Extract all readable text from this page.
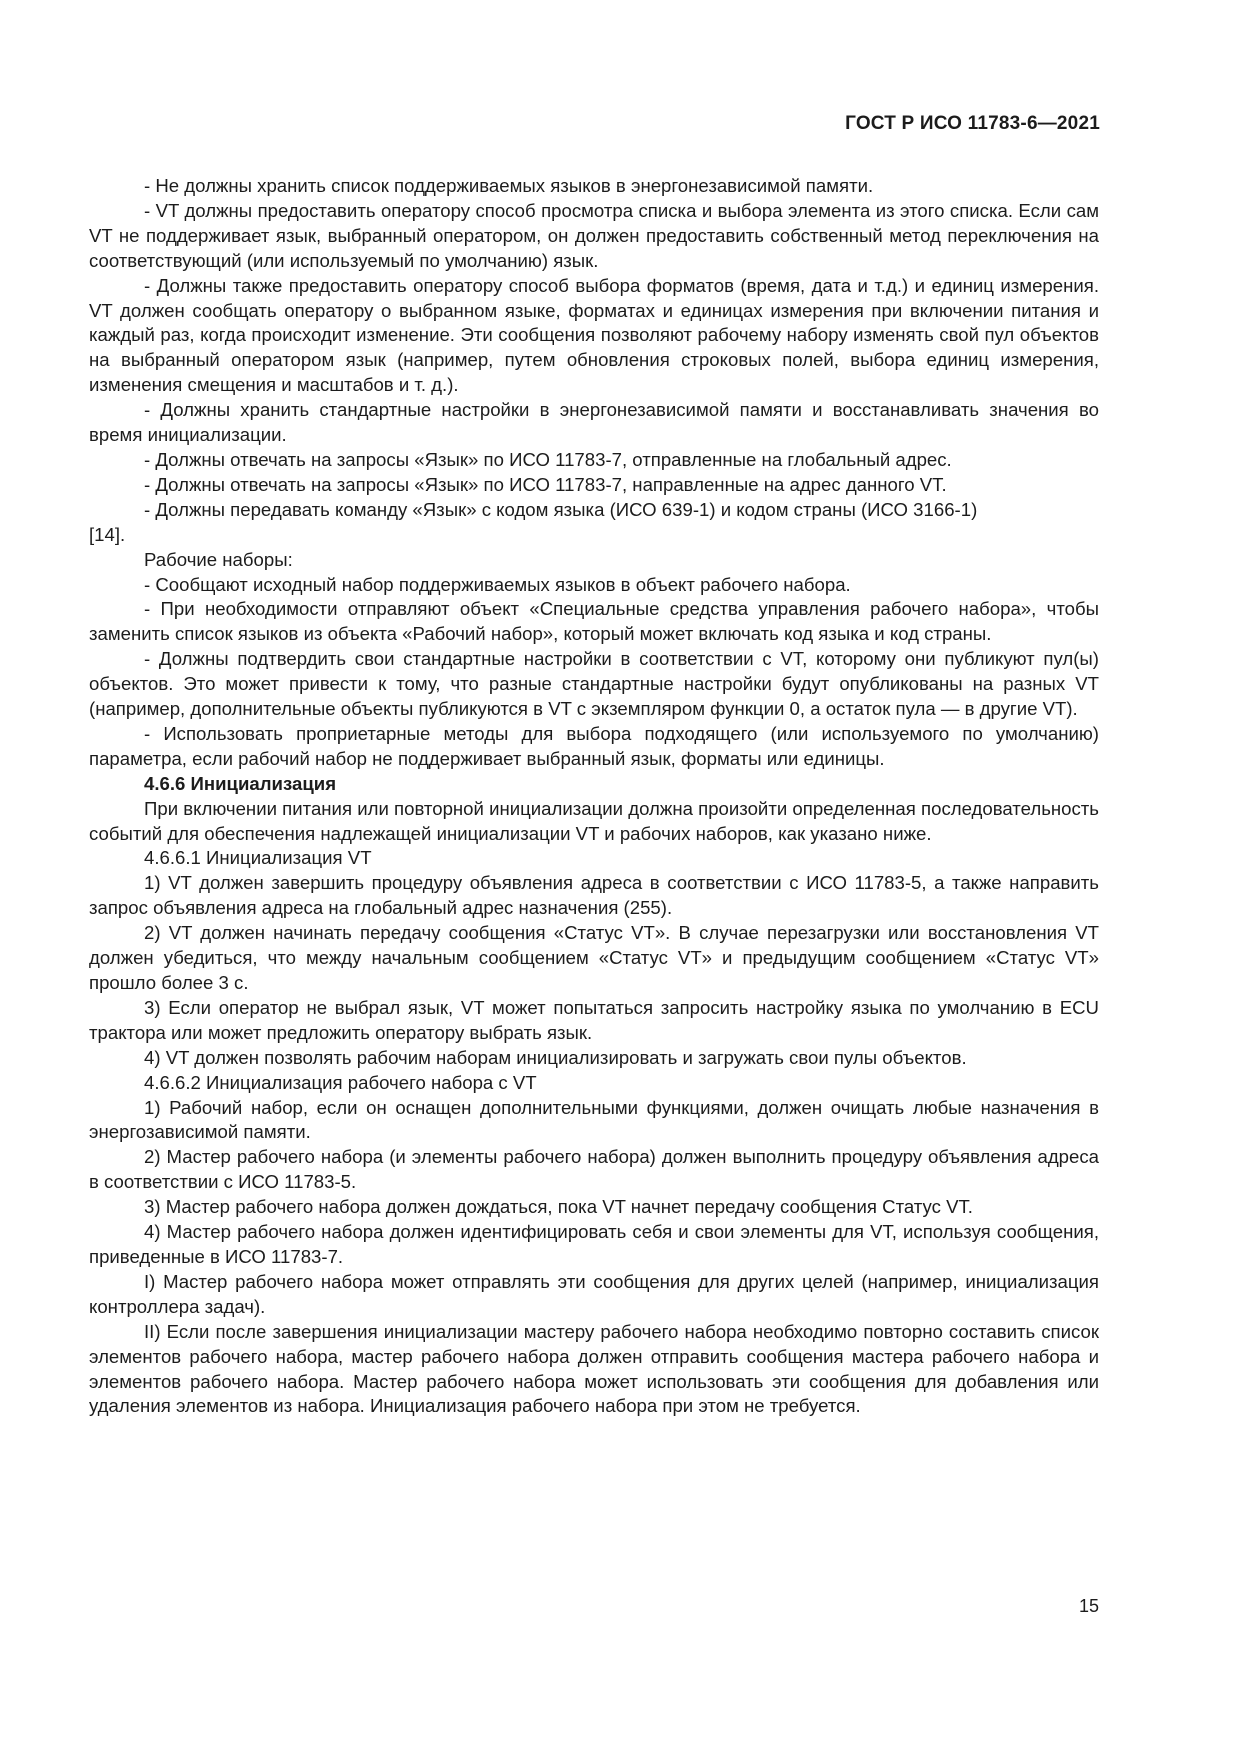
ГОСТ Р ИСО 11783-6—2021

- Не должны хранить список поддерживаемых языков в энергонезависимой памяти.

- VT должны предоставить оператору способ просмотра списка и выбора элемента из этого списка. Если сам VT не поддерживает язык, выбранный оператором, он должен предоставить собственный метод переключения на соответствующий (или используемый по умолчанию) язык.

- Должны также предоставить оператору способ выбора форматов (время, дата и т.д.) и единиц измерения. VT должен сообщать оператору о выбранном языке, форматах и единицах измерения при включении питания и каждый раз, когда происходит изменение. Эти сообщения позволяют рабочему набору изменять свой пул объектов на выбранный оператором язык (например, путем обновления строковых полей, выбора единиц измерения, изменения смещения и масштабов и т. д.).

- Должны хранить стандартные настройки в энергонезависимой памяти и восстанавливать значения во время инициализации.

- Должны отвечать на запросы «Язык» по ИСО 11783-7, отправленные на глобальный адрес.

- Должны отвечать на запросы «Язык» по ИСО 11783-7, направленные на адрес данного VT.

- Должны передавать команду «Язык» с кодом языка (ИСО 639-1) и кодом страны (ИСО 3166-1)

[14].

Рабочие наборы:

- Сообщают исходный набор поддерживаемых языков в объект рабочего набора.

- При необходимости отправляют объект «Специальные средства управления рабочего набора», чтобы заменить список языков из объекта «Рабочий набор», который может включать код языка и код страны.

- Должны подтвердить свои стандартные настройки в соответствии с VT, которому они публикуют пул(ы) объектов. Это может привести к тому, что разные стандартные настройки будут опубликованы на разных VT (например, дополнительные объекты публикуются в VT с экземпляром функции 0, а остаток пула — в другие VT).

- Использовать проприетарные методы для выбора подходящего (или используемого по умолчанию) параметра, если рабочий набор не поддерживает выбранный язык, форматы или единицы.

4.6.6 Инициализация

При включении питания или повторной инициализации должна произойти определенная последовательность событий для обеспечения надлежащей инициализации VT и рабочих наборов, как указано ниже.

4.6.6.1 Инициализация VT

1) VT должен завершить процедуру объявления адреса в соответствии с ИСО 11783-5, а также направить запрос объявления адреса на глобальный адрес назначения (255).

2) VT должен начинать передачу сообщения «Статус VT». В случае перезагрузки или восстановления VT должен убедиться, что между начальным сообщением «Статус VT» и предыдущим сообщением «Статус VT» прошло более 3 с.

3) Если оператор не выбрал язык, VT может попытаться запросить настройку языка по умолчанию в ECU трактора или может предложить оператору выбрать язык.

4) VT должен позволять рабочим наборам инициализировать и загружать свои пулы объектов.

4.6.6.2 Инициализация рабочего набора с VT

1) Рабочий набор, если он оснащен дополнительными функциями, должен очищать любые назначения в энергозависимой памяти.

2) Мастер рабочего набора (и элементы рабочего набора) должен выполнить процедуру объявления адреса в соответствии с ИСО 11783-5.

3) Мастер рабочего набора должен дождаться, пока VT начнет передачу сообщения Статус VT.

4) Мастер рабочего набора должен идентифицировать себя и свои элементы для VT, используя сообщения, приведенные в ИСО 11783-7.

I) Мастер рабочего набора может отправлять эти сообщения для других целей (например, инициализация контроллера задач).

II) Если после завершения инициализации мастеру рабочего набора необходимо повторно составить список элементов рабочего набора, мастер рабочего набора должен отправить сообщения мастера рабочего набора и элементов рабочего набора. Мастер рабочего набора может использовать эти сообщения для добавления или удаления элементов из набора. Инициализация рабочего набора при этом не требуется.

15
